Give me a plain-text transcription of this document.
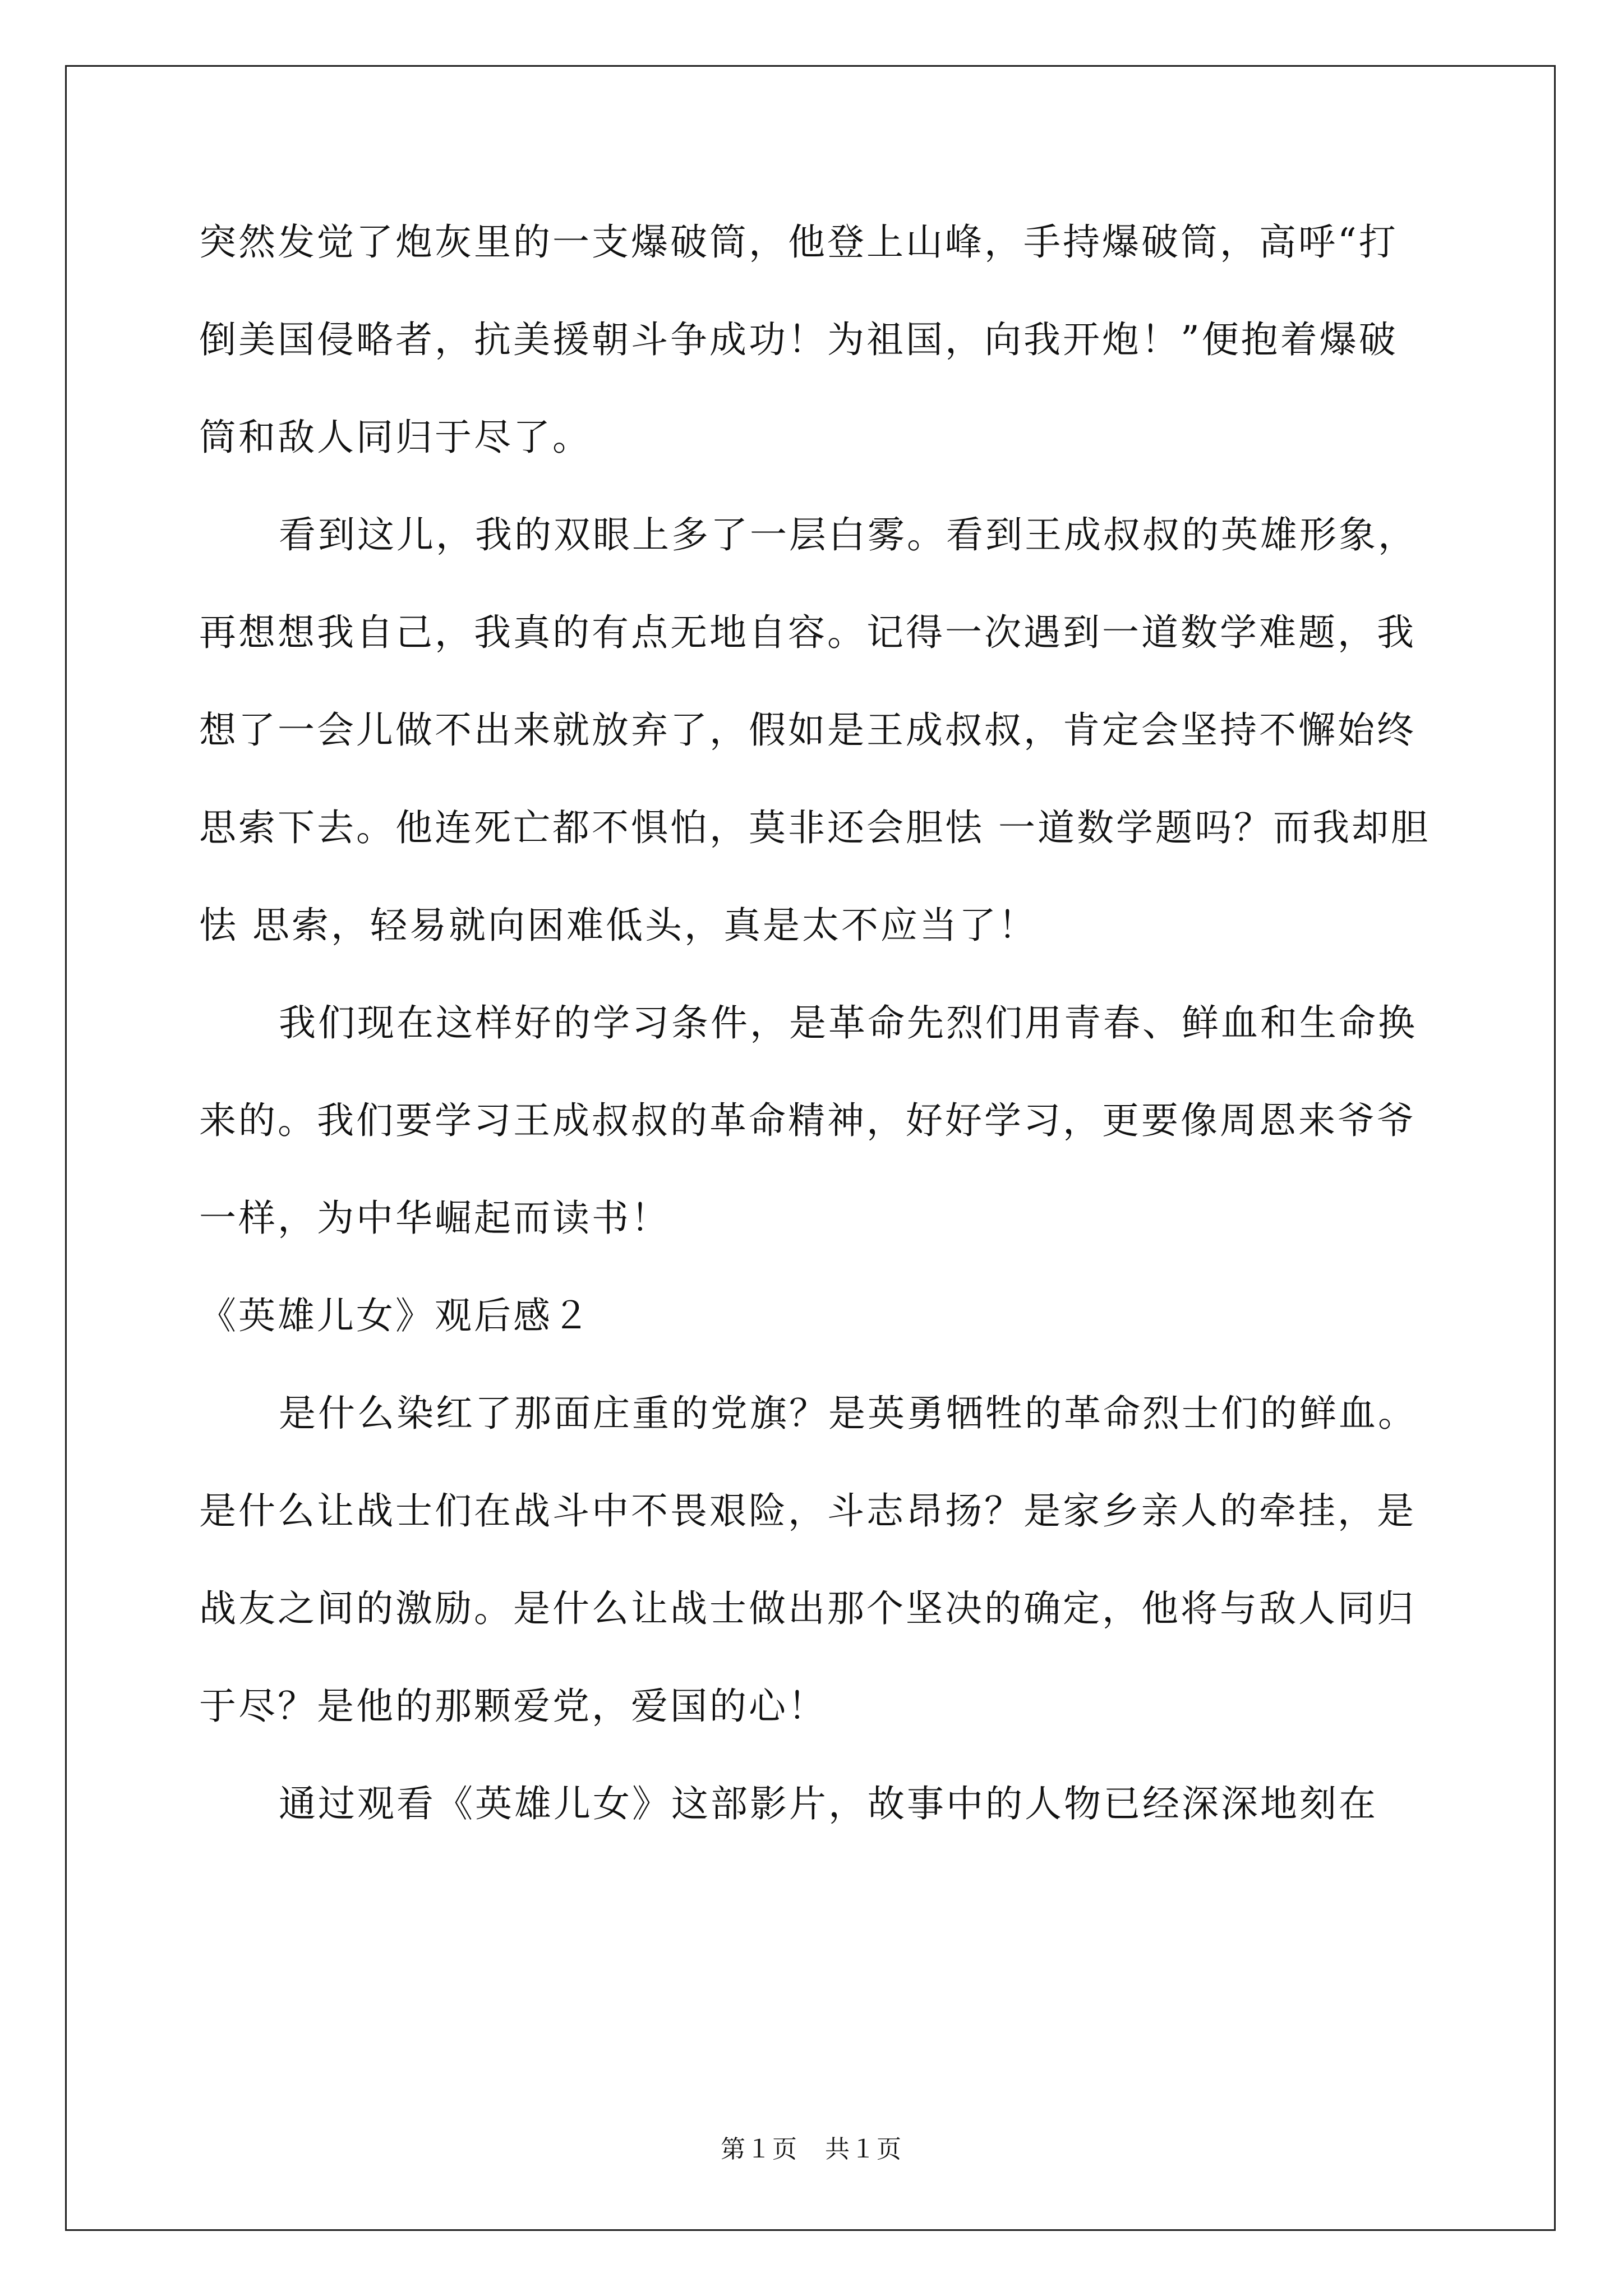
突然发觉了炮灰里的一支爆破筒，他登上山峰，手持爆破筒，高呼“打倒美国侵略者，抗美援朝斗争成功！为祖国，向我开炮！”便抱着爆破筒和敌人同归于尽了。

看到这儿，我的双眼上多了一层白雾。看到王成叔叔的英雄形象，再想想我自己，我真的有点无地自容。记得一次遇到一道数学难题，我想了一会儿做不出来就放弃了，假如是王成叔叔，肯定会坚持不懈始终思索下去。他连死亡都不惧怕，莫非还会胆怯 一道数学题吗？而我却胆怯 思索，轻易就向困难低头，真是太不应当了！

我们现在这样好的学习条件，是革命先烈们用青春、鲜血和生命换来的。我们要学习王成叔叔的革命精神，好好学习，更要像周恩来爷爷一样，为中华崛起而读书！

《英雄儿女》观后感２

是什么染红了那面庄重的党旗？是英勇牺牲的革命烈士们的鲜血。是什么让战士们在战斗中不畏艰险，斗志昂扬？是家乡亲人的牵挂，是战友之间的激励。是什么让战士做出那个坚决的确定，他将与敌人同归于尽？是他的那颗爱党，爱国的心！

通过观看《英雄儿女》这部影片，故事中的人物已经深深地刻在

第１页 共１页
